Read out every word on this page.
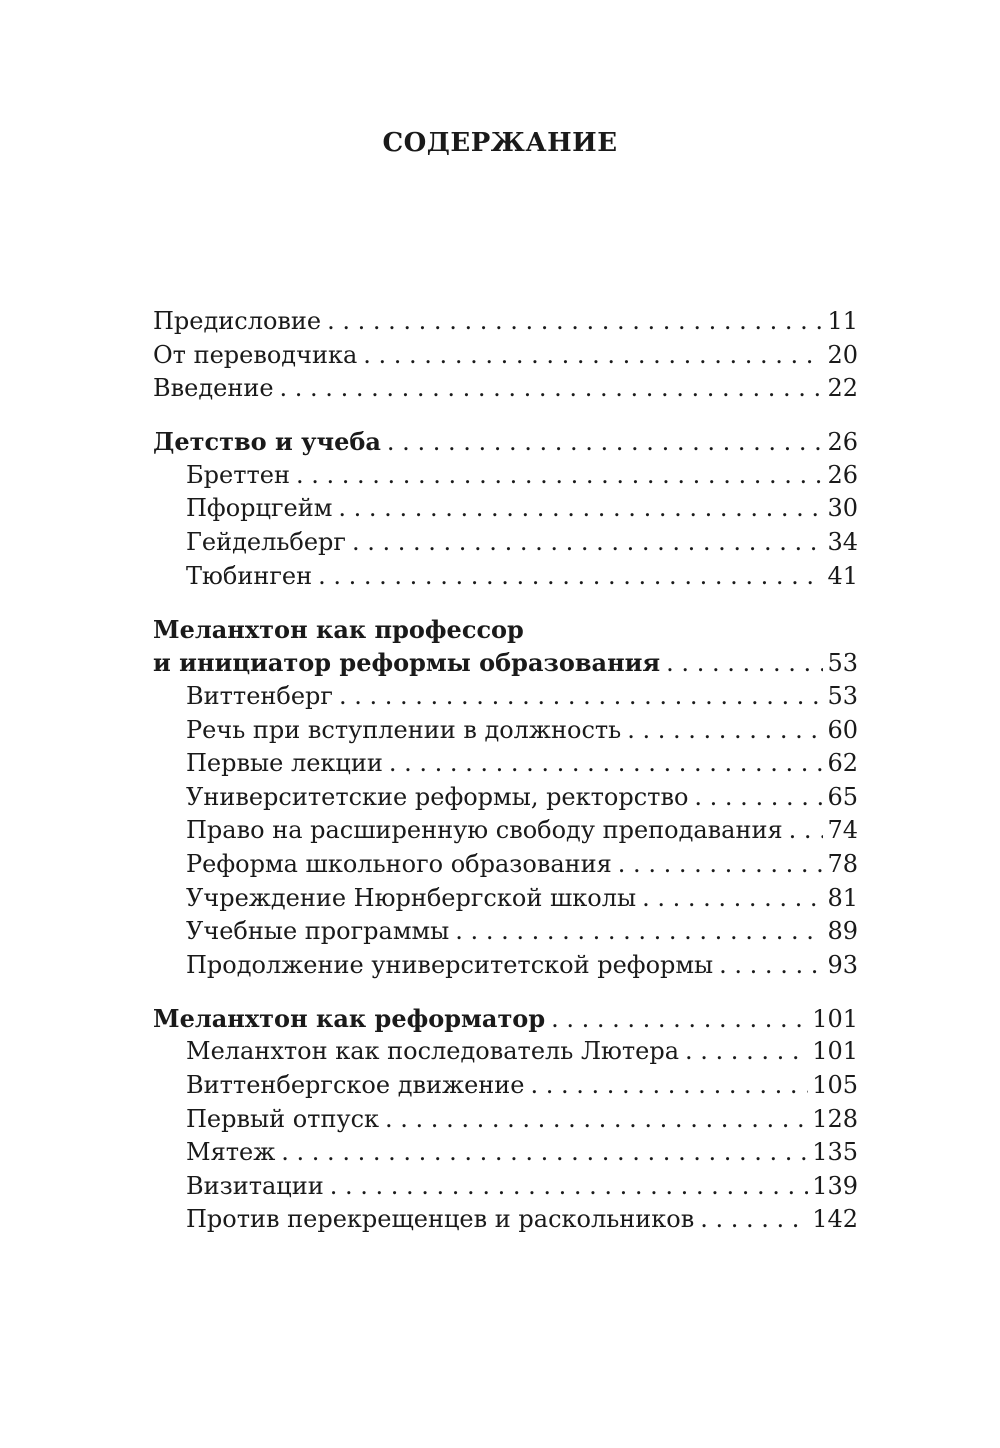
СОДЕРЖАНИЕ
Предисловие . . .	11
От переводчика . . .	20
Введение . . .	22
Детство и учеба . . .	26
Бреттен . . .	26
Пфорцгейм . . .	30
Гейдельберг . . .	34
Тюбинген . . .	41
Меланхтон как профессор
и инициатор реформы образования . . .	53
Виттенберг . . .	53
Речь при вступлении в должность . . .	60
Первые лекции . . .	62
Университетские реформы, ректорство . . .	65
Право на расширенную свободу преподавания . . . 74
Реформа школьного образования . . .	78
Учреждение Нюрнбергской школы . . .	81
Учебные программы . . .	89
Продолжение университетской реформы . . .	93
Меланхтон как реформатор . . .	101
Меланхтон как последователь Лютера . . .	101
Виттенбергское движение . . .	105
Первый отпуск . . .	128
Мятеж . . .	135
Визитации . . .	139
Против перекрещенцев и раскольников . . .	142
